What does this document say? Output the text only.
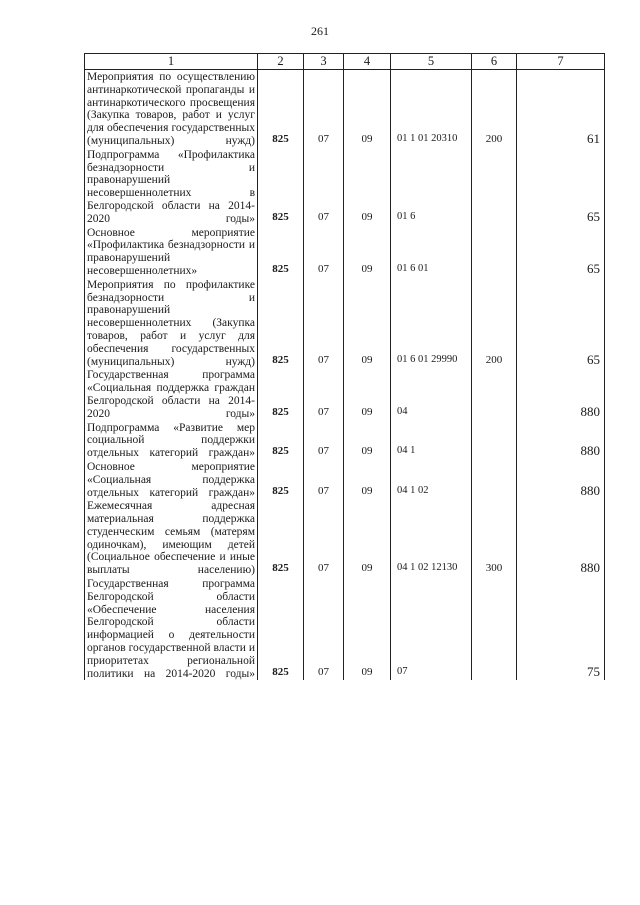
261
1	2	3	4	5	6	7
Мероприятия по осуществлению антинаркотической пропаганды и антинаркотического просвещения (Закупка товаров, работ и услуг для обеспечения государственных (муниципальных) нужд)	825	07	09	01 1 01 20310	200	61
Подпрограмма «Профилактика безнадзорности и правонарушений несовершеннолетних в Белгородской области на 2014-2020 годы»	825	07	09	01 6		65
Основное мероприятие «Профилактика безнадзорности и правонарушений несовершеннолетних»	825	07	09	01 6 01		65
Мероприятия по профилактике безнадзорности и правонарушений несовершеннолетних (Закупка товаров, работ и услуг для обеспечения государственных (муниципальных) нужд)	825	07	09	01 6 01 29990	200	65
Государственная программа «Социальная поддержка граждан Белгородской области на 2014-2020 годы»	825	07	09	04		880
Подпрограмма «Развитие мер социальной поддержки отдельных категорий граждан»	825	07	09	04 1		880
Основное мероприятие «Социальная поддержка отдельных категорий граждан»	825	07	09	04 1 02		880
Ежемесячная адресная материальная поддержка студенческим семьям (матерям одиночкам), имеющим детей (Социальное обеспечение и иные выплаты населению)	825	07	09	04 1 02 12130	300	880
Государственная программа Белгородской области «Обеспечение населения Белгородской области информацией о деятельности органов государственной власти и приоритетах региональной политики на 2014-2020 годы»	825	07	09	07		75
